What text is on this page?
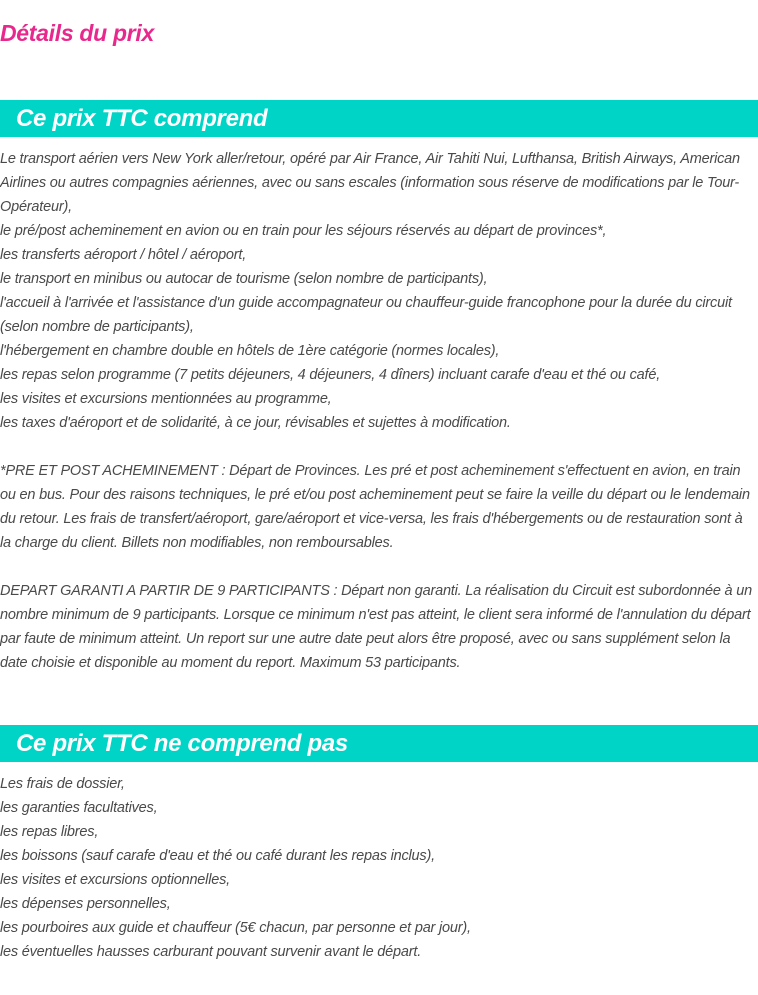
Détails du prix
Ce prix TTC comprend

Le transport aérien vers New York aller/retour, opéré par Air France, Air Tahiti Nui, Lufthansa, British Airways, American Airlines ou autres compagnies aériennes, avec ou sans escales (information sous réserve de modifications par le Tour-Opérateur),

le pré/post acheminement en avion ou en train pour les séjours réservés au départ de provinces*,

les transferts aéroport / hôtel / aéroport,

le transport en minibus ou autocar de tourisme (selon nombre de participants),

l'accueil à l'arrivée et l'assistance d'un guide accompagnateur ou chauffeur-guide francophone pour la durée du circuit (selon nombre de participants),

l'hébergement en chambre double en hôtels de 1ère catégorie (normes locales),

les repas selon programme (7 petits déjeuners, 4 déjeuners, 4 dîners) incluant carafe d'eau et thé ou café,

les visites et excursions mentionnées au programme,

les taxes d'aéroport et de solidarité, à ce jour, révisables et sujettes à modification.

*PRE ET POST ACHEMINEMENT : Départ de Provinces. Les pré et post acheminement s'effectuent en avion, en train ou en bus. Pour des raisons techniques, le pré et/ou post acheminement peut se faire la veille du départ ou le lendemain du retour. Les frais de transfert/aéroport, gare/aéroport et vice-versa, les frais d'hébergements ou de restauration sont à la charge du client. Billets non modifiables, non remboursables.

DEPART GARANTI A PARTIR DE 9 PARTICIPANTS : Départ non garanti. La réalisation du Circuit est subordonnée à un nombre minimum de 9 participants. Lorsque ce minimum n'est pas atteint, le client sera informé de l'annulation du départ par faute de minimum atteint. Un report sur une autre date peut alors être proposé, avec ou sans supplément selon la date choisie et disponible au moment du report. Maximum 53 participants.

Ce prix TTC ne comprend pas

Les frais de dossier,

les garanties facultatives,

les repas libres,

les boissons (sauf carafe d'eau et thé ou café durant les repas inclus),

les visites et excursions optionnelles,

les dépenses personnelles,

les pourboires aux guide et chauffeur (5€ chacun, par personne et par jour),

les éventuelles hausses carburant pouvant survenir avant le départ.
